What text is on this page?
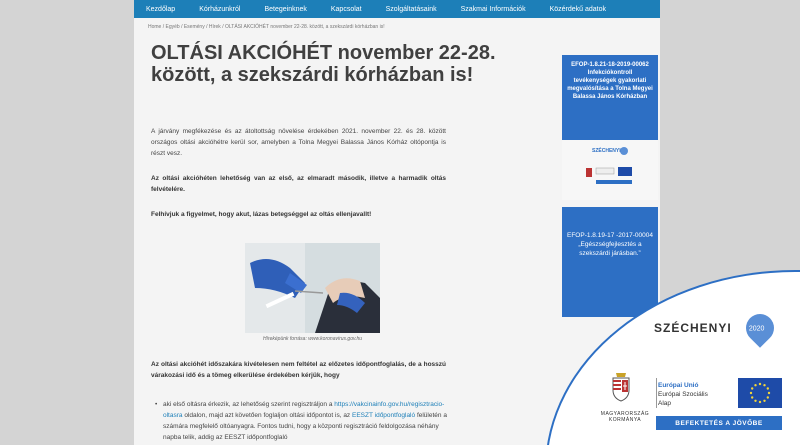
Kezdőlap	Kórházunkról	Betegeinknek	Kapcsolat	Szolgáltatásaink	Szakmai Információk	Közérdekű adatok
Home / Egyéb / Esemény / Hírek / OLTÁSI AKCIÓHÉT november 22-28. között, a szekszárdi kórházban is!
OLTÁSI AKCIÓHÉT november 22-28. között, a szekszárdi kórházban is!

A járvány megfékezése és az átoltottság növelése érdekében 2021. november 22. és 28. között országos oltási akcióhétre kerül sor, amelyben a Tolna Megyei Balassa János Kórház oltópontja is részt vesz.

Az oltási akcióhéten lehetőség van az első, az elmaradt második, illetve a harmadik oltás felvételére.

Felhívjuk a figyelmet, hogy akut, lázas betegséggel az oltás ellenjavallt!

Híreképünk forrása: www.koronavirus.gov.hu
Az oltási akcióhét időszakára kivételesen nem feltétel az előzetes időpontfoglalás, de a hosszú várakozási idő és a tömeg elkerülése érdekében kérjük, hogy
• aki első oltásra érkezik, az lehetőség szerint regisztráljon a https://vakcinainfo.gov.hu/regisztracio-oltasra oldalon, majd azt követően foglaljon oltási időpontot is, az EESZT időpontfoglaló felületén a számára megfelelő oltóanyagra. Fontos tudni, hogy a központi regisztráció feldolgozása néhány napba telik, addig az EESZT időpontfoglaló
EFOP-1.8.21-18-2019-00062 Infekciókontroll tevékenységek gyakorlati megvalósítása a Tolna Megyei Balassa János Kórházban
SZÉCHENYI
EFOP-1.8.19-17 -2017-00004 „Egészségfejlesztés a szekszárdi járásban.”
SZÉCHENYI 2020
MAGYARORSZÁG
KORMÁNYA
Európai Unió
Európai Szociális
Alap
BEFEKTETÉS A JÖVŐBE
